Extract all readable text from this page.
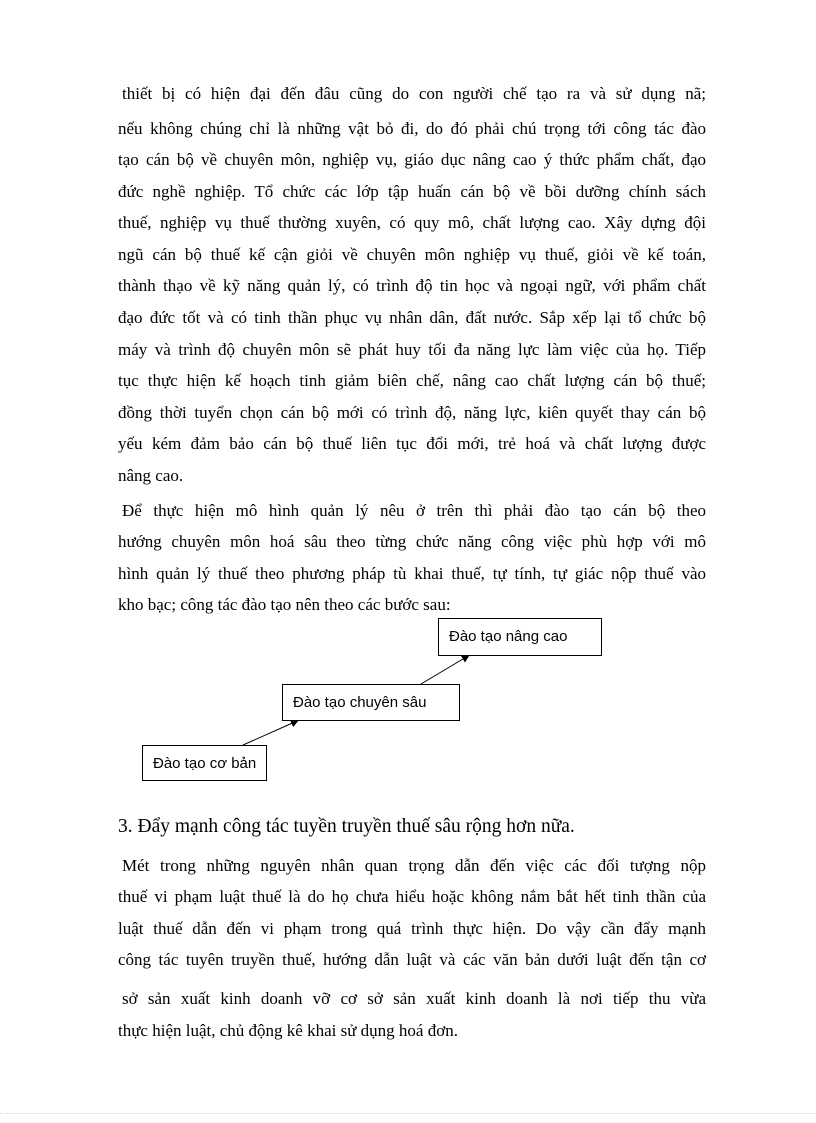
thiết bị có hiện đại đến đâu cũng do con người chế tạo ra và sử dụng nã;
nếu không chúng chỉ là những vật bỏ đi, do đó phải chú trọng tới công tác đào
tạo cán bộ về chuyên môn, nghiệp vụ, giáo dục nâng cao ý thức phẩm chất, đạo
đức nghề nghiệp. Tổ chức các lớp tập huấn cán bộ về bồi dưỡng chính sách
thuế, nghiệp vụ thuế thường xuyên, có quy mô, chất lượng cao. Xây dựng đội
ngũ cán bộ thuế kế cận giỏi về chuyên môn nghiệp vụ thuế, giỏi về kế toán,
thành thạo về kỹ năng quản lý, có trình độ tin học và ngoại ngữ, với phẩm chất
đạo đức tốt và có tinh thần phục vụ nhân dân, đất nước. Sắp xếp lại tổ chức bộ
máy và trình độ chuyên môn sẽ phát huy tối đa năng lực làm việc của họ. Tiếp
tục thực hiện kế hoạch tinh giảm biên chế, nâng cao chất lượng cán bộ thuế;
đồng thời tuyển chọn cán bộ mới có trình độ, năng lực, kiên quyết thay cán bộ
yếu kém đảm bảo cán bộ thuế liên tục đổi mới, trẻ hoá và chất lượng được
nâng cao.
Để thực hiện mô hình quản lý nêu ở trên thì phải đào tạo cán bộ theo
hướng chuyên môn hoá sâu theo từng chức năng công việc phù hợp với mô
hình quản lý thuế theo phương pháp tù khai thuế, tự tính, tự giác nộp thuế vào
kho bạc; công tác đào tạo nên theo các bước sau:
Đào tạo cơ bản
Đào tạo chuyên sâu
Đào tạo nâng cao
3. Đẩy mạnh công tác tuyền truyền thuế sâu rộng hơn nữa.
Mét trong những nguyên nhân quan trọng dẫn đến việc các đối tượng nộp
thuế vi phạm luật thuế là do họ chưa hiểu hoặc không nắm bắt hết tinh thần của
luật thuế dẫn đến vi phạm trong quá trình thực hiện. Do vậy cần đẩy mạnh
công tác tuyên truyền thuế, hướng dẫn luật và các văn bản dưới luật đến tận cơ
sở sản xuất kinh doanh vỡ cơ sở sản xuất kinh doanh là nơi tiếp thu vừa
thực hiện luật, chủ động kê khai sử dụng hoá đơn.
